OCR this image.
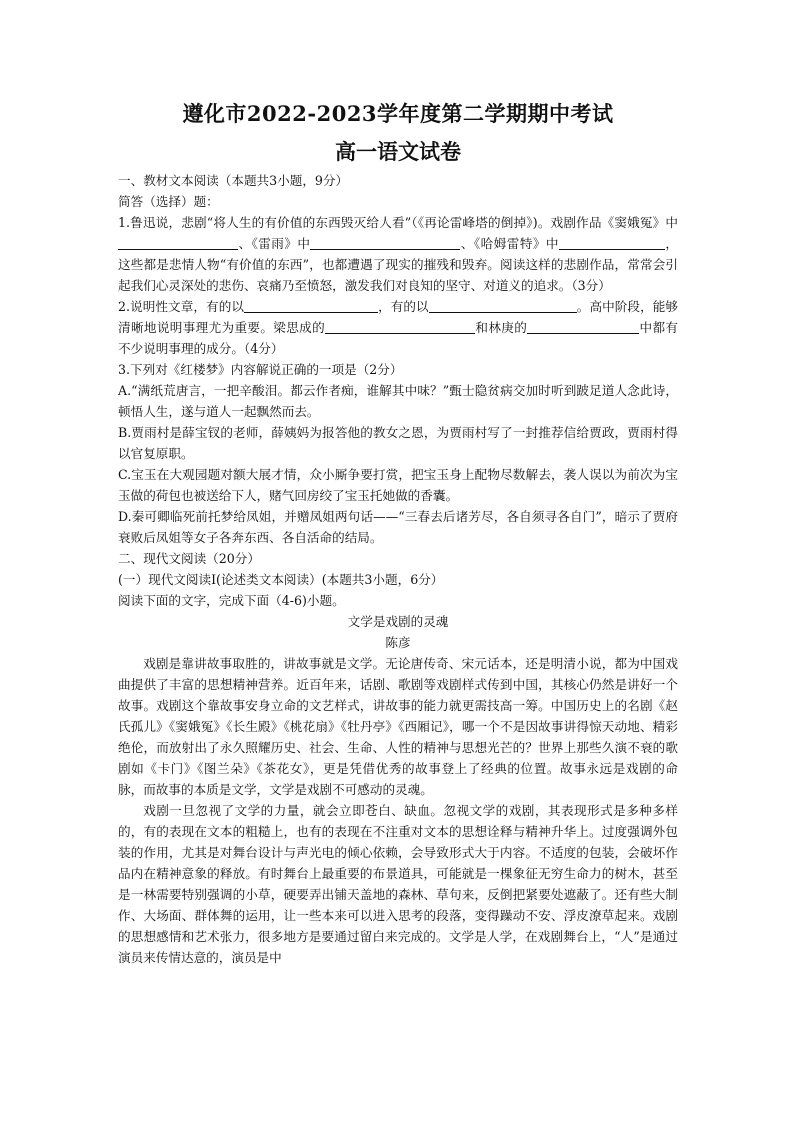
遵化市2022-2023学年度第二学期期中考试
高一语文试卷

一、教材文本阅读（本题共3小题，9分）

简答（选择）题：

1.鲁迅说，悲剧“将人生的有价值的东西毁灭给人看”（《再论雷峰塔的倒掉》)。戏剧作品《窦娥冤》中、《雷雨》中	、《哈姆雷特》中	，这些都是悲情人物“有价值的东西”，也都遭遇了现实的摧残和毁弃。阅读这样的悲剧作品，常常会引起我们心灵深处的悲伤、哀痛乃至愤怒，激发我们对良知的坚守、对道义的追求。（3分）

2.说明性文章，有的以	，有的以	。高中阶段，能够清晰地说明事理尤为重要。梁思成的	和林庚的	中都有不少说明事理的成分。（4分）

3.下列对《红楼梦》内容解说正确的一项是（2分）

A.“满纸荒唐言，一把辛酸泪。都云作者痴，谁解其中味？”甄士隐贫病交加时听到跛足道人念此诗，顿悟人生，遂与道人一起飘然而去。

B.贾雨村是薛宝钗的老师，薛姨妈为报答他的教女之恩，为贾雨村写了一封推荐信给贾政，贾雨村得以官复原职。

C.宝玉在大观园题对额大展才情，众小厮争要打赏，把宝玉身上配物尽数解去，袭人误以为前次为宝玉做的荷包也被送给下人，赌气回房绞了宝玉托她做的香囊。

D.秦可卿临死前托梦给凤姐，并赠凤姐两句话——“三春去后诸芳尽，各自须寻各自门”，暗示了贾府衰败后凤姐等女子各奔东西、各自活命的结局。

二、现代文阅读（20分）

(一）现代文阅读Ⅰ(论述类文本阅读）(本题共3小题，6分）

阅读下面的文字，完成下面（4-6)小题。

文学是戏剧的灵魂

陈彦

戏剧是靠讲故事取胜的，讲故事就是文学。无论唐传奇、宋元话本，还是明清小说，都为中国戏曲提供了丰富的思想精神营养。近百年来，话剧、歌剧等戏剧样式传到中国，其核心仍然是讲好一个故事。戏剧这个靠故事安身立命的文艺样式，讲故事的能力就更需技高一筹。中国历史上的名剧《赵氏孤儿》《窦娥冤》《长生殿》《桃花扇》《牡丹亭》《西厢记》，哪一个不是因故事讲得惊天动地、精彩绝伦，而放射出了永久照耀历史、社会、生命、人性的精神与思想光芒的？世界上那些久演不衰的歌剧如《卡门》《图兰朵》《茶花女》，更是凭借优秀的故事登上了经典的位置。故事永远是戏剧的命脉，而故事的本质是文学，文学是戏剧不可感动的灵魂。

戏剧一旦忽视了文学的力量，就会立即苍白、缺血。忽视文学的戏剧，其表现形式是多种多样的，有的表现在文本的粗糙上，也有的表现在不注重对文本的思想诠释与精神升华上。过度强调外包装的作用，尤其是对舞台设计与声光电的倾心依赖，会导致形式大于内容。不适度的包装，会破坏作品内在精神意象的释放。有时舞台上最重要的布景道具，可能就是一棵象征无穷生命力的树木，甚至是一林需要特别强调的小草，硬要弄出铺天盖地的森林、草句来，反倒把紧要处遮蔽了。还有些大制作、大场面、群体舞的运用，让一些本来可以进入思考的段落，变得躁动不安、浮皮潦草起来。戏剧的思想感情和艺术张力，很多地方是要通过留白来完成的。文学是人学，在戏剧舞台上，“人”是通过演员来传情达意的，演员是中
